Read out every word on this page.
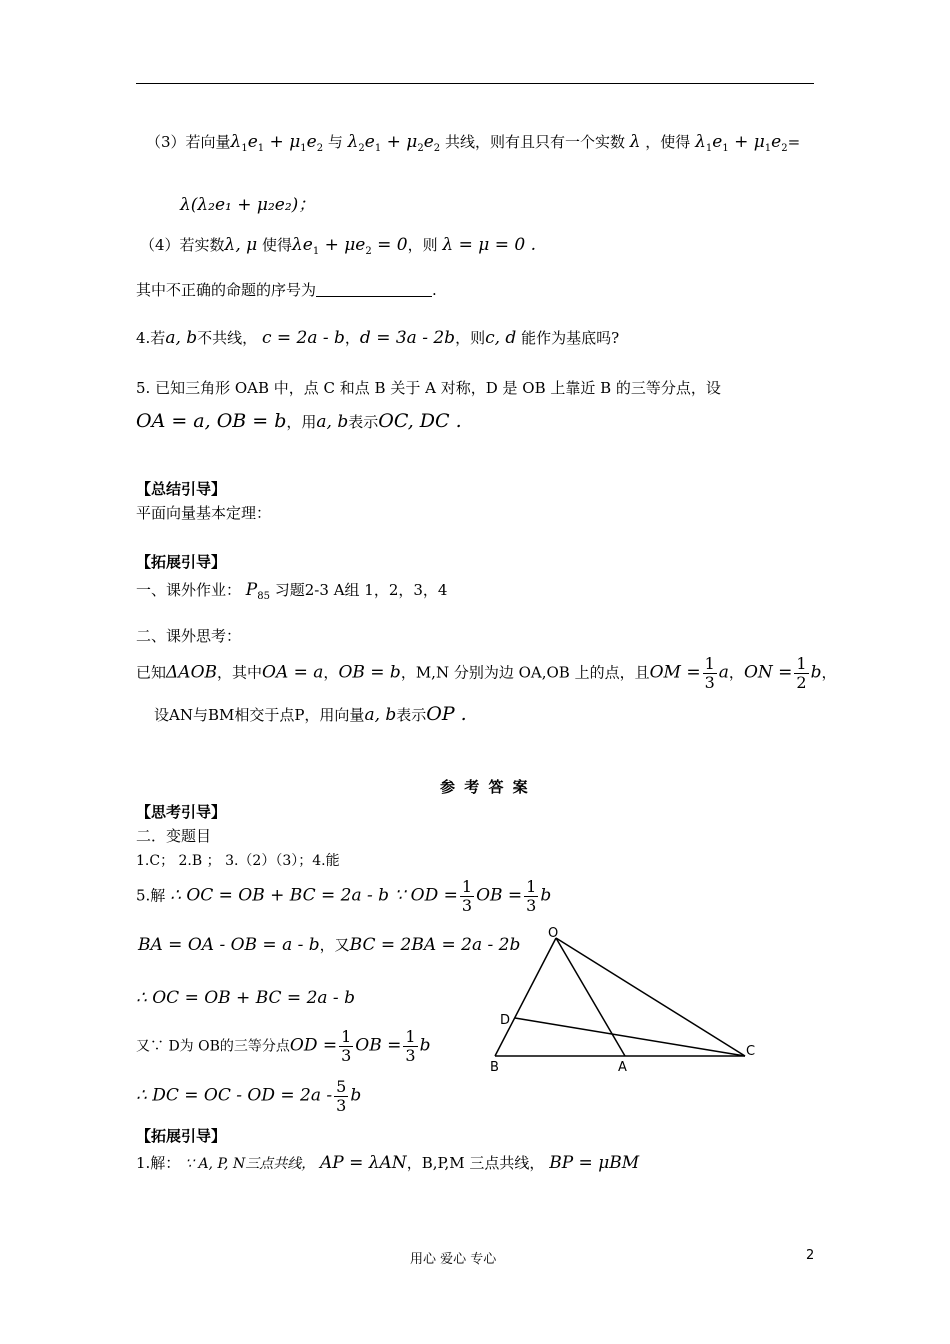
（3）若向量$\lambda_1e_1 + \mu_1e_2$ 与 $\lambda_2e_1 + \mu_2e_2$ 共线，则有且只有一个实数 λ ，使得 $\lambda_1e_1 + \mu_1e_2=$
λ(λ₂e₁ + μ₂e₂)；
（4）若实数λ, μ 使得$\lambda e_1 + \mu e_2 = 0$，则 λ = μ = 0 .
其中不正确的命题的序号为	.
4.若a, b不共线， c = 2a - b，d = 3a - 2b，则c, d 能作为基底吗?
5. 已知三角形 OAB 中，点 C 和点 B 关于 A 对称，D 是 OB 上靠近 B 的三等分点，设
OA = a, OB = b，用a, b表示OC, DC .
【总结引导】
平面向量基本定理：
【拓展引导】
一、课外作业： $P_{85}$ 习题2-3 A组 1，2，3，4
二、课外思考：
已知ΔAOB，其中OA = a，OB = b，M,N 分别为边 OA,OB 上的点，且OM = $\frac{1}{3}$ a，ON = $\frac{1}{2}$ b，
设AN与BM相交于点P，用向量a, b表示OP .
参 考 答 案
【思考引导】
二．变题目
1.C； 2.B ； 3.（2）（3）；4.能
5.解 ∴ OC = OB + BC = 2a - b ∵ OD = $\frac{1}{3}$ OB = $\frac{1}{3}$ b
BA = OA - OB = a - b，又BC = 2BA = 2a - 2b
∴ OC = OB + BC = 2a - b
又∵ D为 OB的三等分点OD = $\frac{1}{3}$ OB = $\frac{1}{3}$ b
∴ DC = OC - OD = $2a - \frac{5}{3}$ b
【拓展引导】
1.解： ∵ A, P, N三点共线， AP = λAN，B,P,M 三点共线， BP = μBM
O
D
B	A
C
用心 爱心 专心	2
